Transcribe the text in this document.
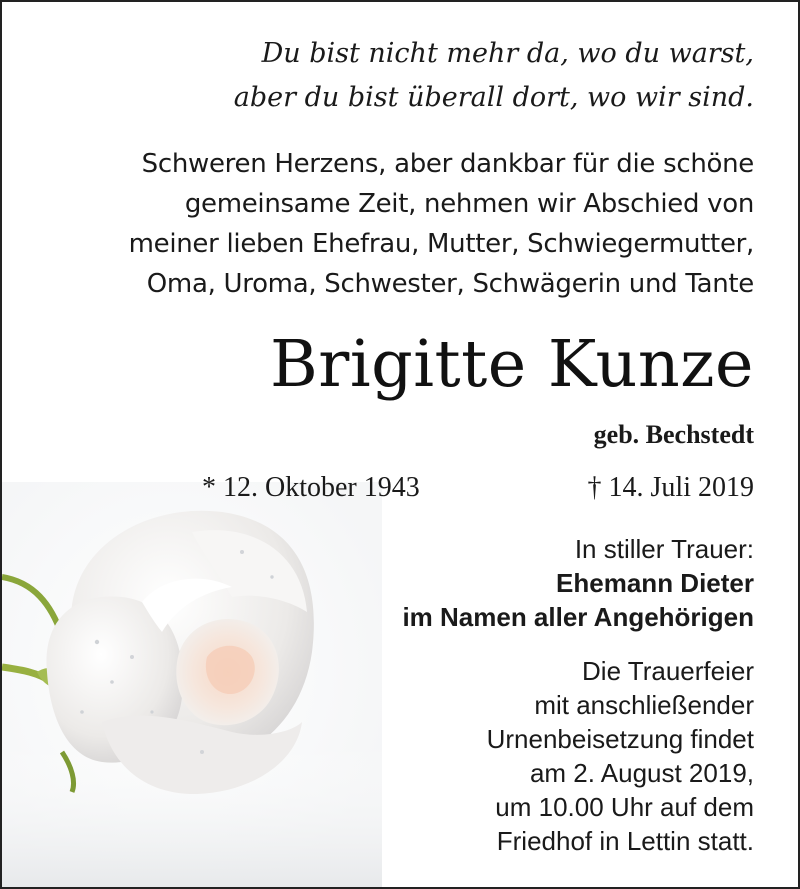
Du bist nicht mehr da, wo du warst,
aber du bist überall dort, wo wir sind.
Schweren Herzens, aber dankbar für die schöne
gemeinsame Zeit, nehmen wir Abschied von
meiner lieben Ehefrau, Mutter, Schwiegermutter,
Oma, Uroma, Schwester, Schwägerin und Tante
Brigitte Kunze
geb. Bechstedt
* 12. Oktober 1943	† 14. Juli 2019
In stiller Trauer:
Ehemann Dieter
im Namen aller Angehörigen
Die Trauerfeier
mit anschließender
Urnenbeisetzung findet
am 2. August 2019,
um 10.00 Uhr auf dem
Friedhof in Lettin statt.
